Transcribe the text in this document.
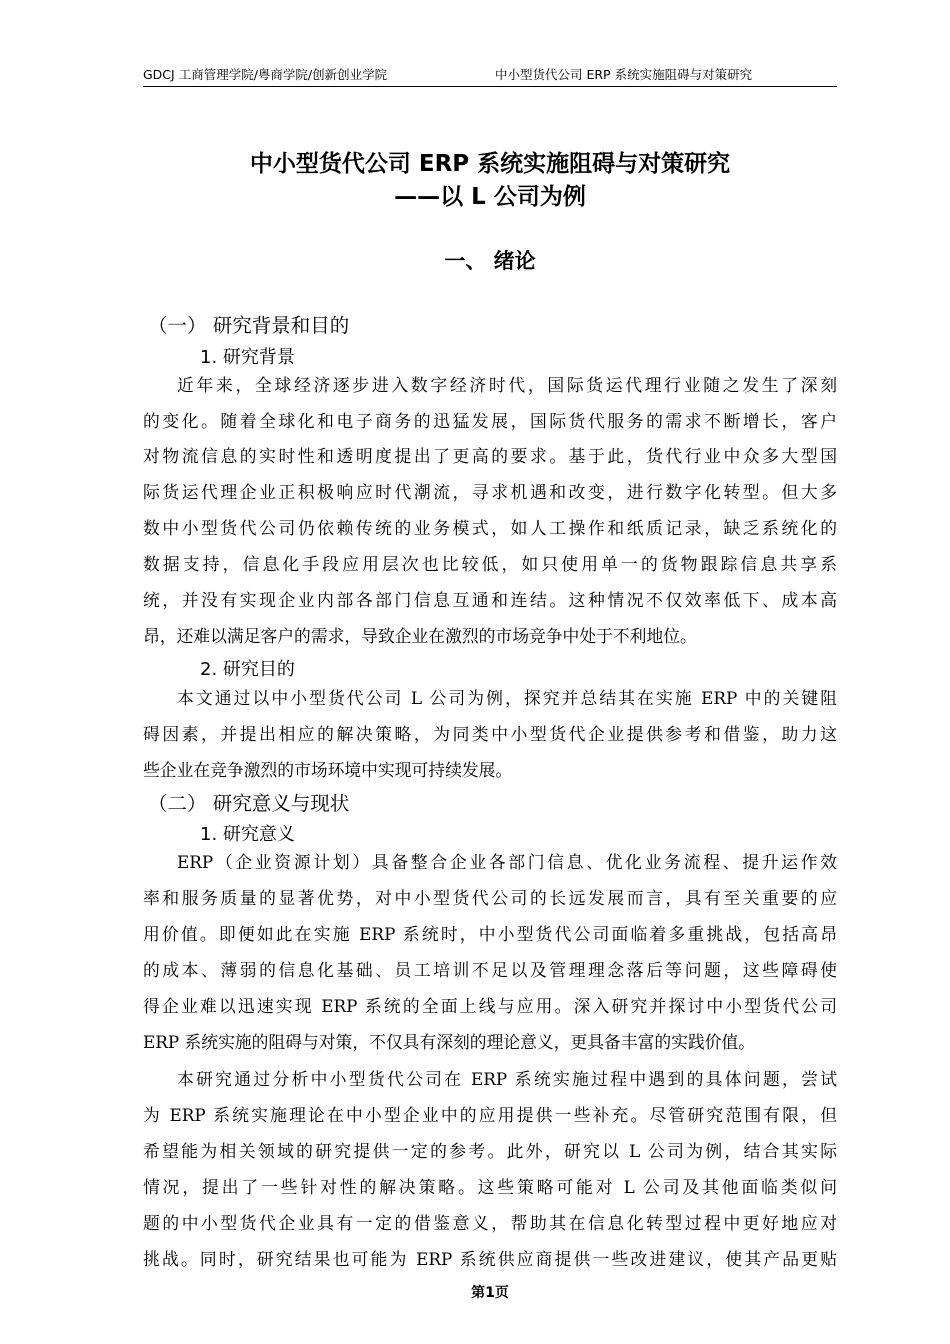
GDCJ 工商管理学院/粤商学院/创新创业学院	中小型货代公司 ERP 系统实施阻碍与对策研究
中小型货代公司 ERP 系统实施阻碍与对策研究
——以 L 公司为例
一、 绪论
（一） 研究背景和目的
1. 研究背景
近年来，全球经济逐步进入数字经济时代，国际货运代理行业随之发生了深刻
的变化。随着全球化和电子商务的迅猛发展，国际货代服务的需求不断增长，客户
对物流信息的实时性和透明度提出了更高的要求。基于此，货代行业中众多大型国
际货运代理企业正积极响应时代潮流，寻求机遇和改变，进行数字化转型。但大多
数中小型货代公司仍依赖传统的业务模式，如人工操作和纸质记录，缺乏系统化的
数据支持，信息化手段应用层次也比较低，如只使用单一的货物跟踪信息共享系
统，并没有实现企业内部各部门信息互通和连结。这种情况不仅效率低下、成本高
昂，还难以满足客户的需求，导致企业在激烈的市场竞争中处于不利地位。
2. 研究目的
本文通过以中小型货代公司 L 公司为例，探究并总结其在实施 ERP 中的关键阻
碍因素，并提出相应的解决策略，为同类中小型货代企业提供参考和借鉴，助力这
些企业在竞争激烈的市场环境中实现可持续发展。
（二） 研究意义与现状
1. 研究意义
ERP（企业资源计划）具备整合企业各部门信息、优化业务流程、提升运作效
率和服务质量的显著优势，对中小型货代公司的长远发展而言，具有至关重要的应
用价值。即便如此在实施 ERP 系统时，中小型货代公司面临着多重挑战，包括高昂
的成本、薄弱的信息化基础、员工培训不足以及管理理念落后等问题，这些障碍使
得企业难以迅速实现 ERP 系统的全面上线与应用。深入研究并探讨中小型货代公司
ERP 系统实施的阻碍与对策，不仅具有深刻的理论意义，更具备丰富的实践价值。
本研究通过分析中小型货代公司在 ERP 系统实施过程中遇到的具体问题，尝试
为 ERP 系统实施理论在中小型企业中的应用提供一些补充。尽管研究范围有限，但
希望能为相关领域的研究提供一定的参考。此外，研究以 L 公司为例，结合其实际
情况，提出了一些针对性的解决策略。这些策略可能对 L 公司及其他面临类似问
题的中小型货代企业具有一定的借鉴意义，帮助其在信息化转型过程中更好地应对
挑战。同时，研究结果也可能为 ERP 系统供应商提供一些改进建议，使其产品更贴
第1页
